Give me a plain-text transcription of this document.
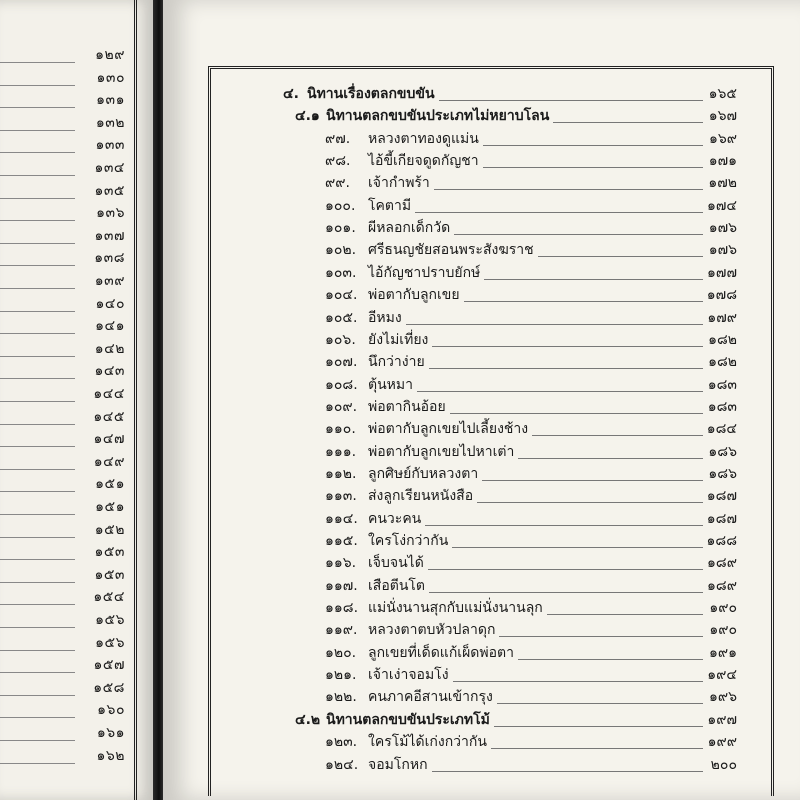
๑๒๙
๑๓๐
๑๓๑
๑๓๒
๑๓๓
๑๓๔
๑๓๕
๑๓๖
๑๓๗
๑๓๘
๑๓๙
๑๔๐
๑๔๑
๑๔๒
๑๔๓
๑๔๔
๑๔๕
๑๔๗
๑๔๙
๑๕๑
๑๕๑
๑๕๒
๑๕๓
๑๕๓
๑๕๔
๑๕๖
๑๕๖
๑๕๗
๑๕๘
๑๖๐
๑๖๑
๑๖๒
๔. นิทานเรื่องตลกขบขัน	๑๖๕
๔.๑ นิทานตลกขบขันประเภทไม่หยาบโลน	๑๖๗
๙๗. หลวงตาทองดูแม่น	๑๖๙
๙๘. ไอ้ขี้เกียจดูดกัญชา	๑๗๑
๙๙. เจ้ากำพร้า	๑๗๒
๑๐๐. โคตามี	๑๗๔
๑๐๑. ผีหลอกเด็กวัด	๑๗๖
๑๐๒. ศรีธนญชัยสอนพระสังฆราช	๑๗๖
๑๐๓. ไอ้กัญชาปราบยักษ์	๑๗๗
๑๐๔. พ่อตากับลูกเขย	๑๗๘
๑๐๕. อีหมง	๑๗๙
๑๐๖. ยังไม่เที่ยง	๑๘๒
๑๐๗. นึกว่าง่าย	๑๘๒
๑๐๘. ตุ้นหมา	๑๘๓
๑๐๙. พ่อตากินอ้อย	๑๘๓
๑๑๐. พ่อตากับลูกเขยไปเลี้ยงช้าง	๑๘๔
๑๑๑. พ่อตากับลูกเขยไปหาเต่า	๑๘๖
๑๑๒. ลูกศิษย์กับหลวงตา	๑๘๖
๑๑๓. ส่งลูกเรียนหนังสือ	๑๘๗
๑๑๔. คนวะคน	๑๘๗
๑๑๕. ใครโง่กว่ากัน	๑๘๘
๑๑๖. เจ็บจนได้	๑๘๙
๑๑๗. เสือตีนโต	๑๘๙
๑๑๘. แม่นั่งนานสุกกับแม่นั่งนานลุก	๑๙๐
๑๑๙. หลวงตาตบหัวปลาดุก	๑๙๐
๑๒๐. ลูกเขยที่เด็ดแก้เผ็ดพ่อตา	๑๙๑
๑๒๑. เจ้าเง่าจอมโง่	๑๙๔
๑๒๒. คนภาคอีสานเข้ากรุง	๑๙๖
๔.๒ นิทานตลกขบขันประเภทโม้	๑๙๗
๑๒๓. ใครโม้ได้เก่งกว่ากัน	๑๙๙
๑๒๔. จอมโกหก	๒๐๐
